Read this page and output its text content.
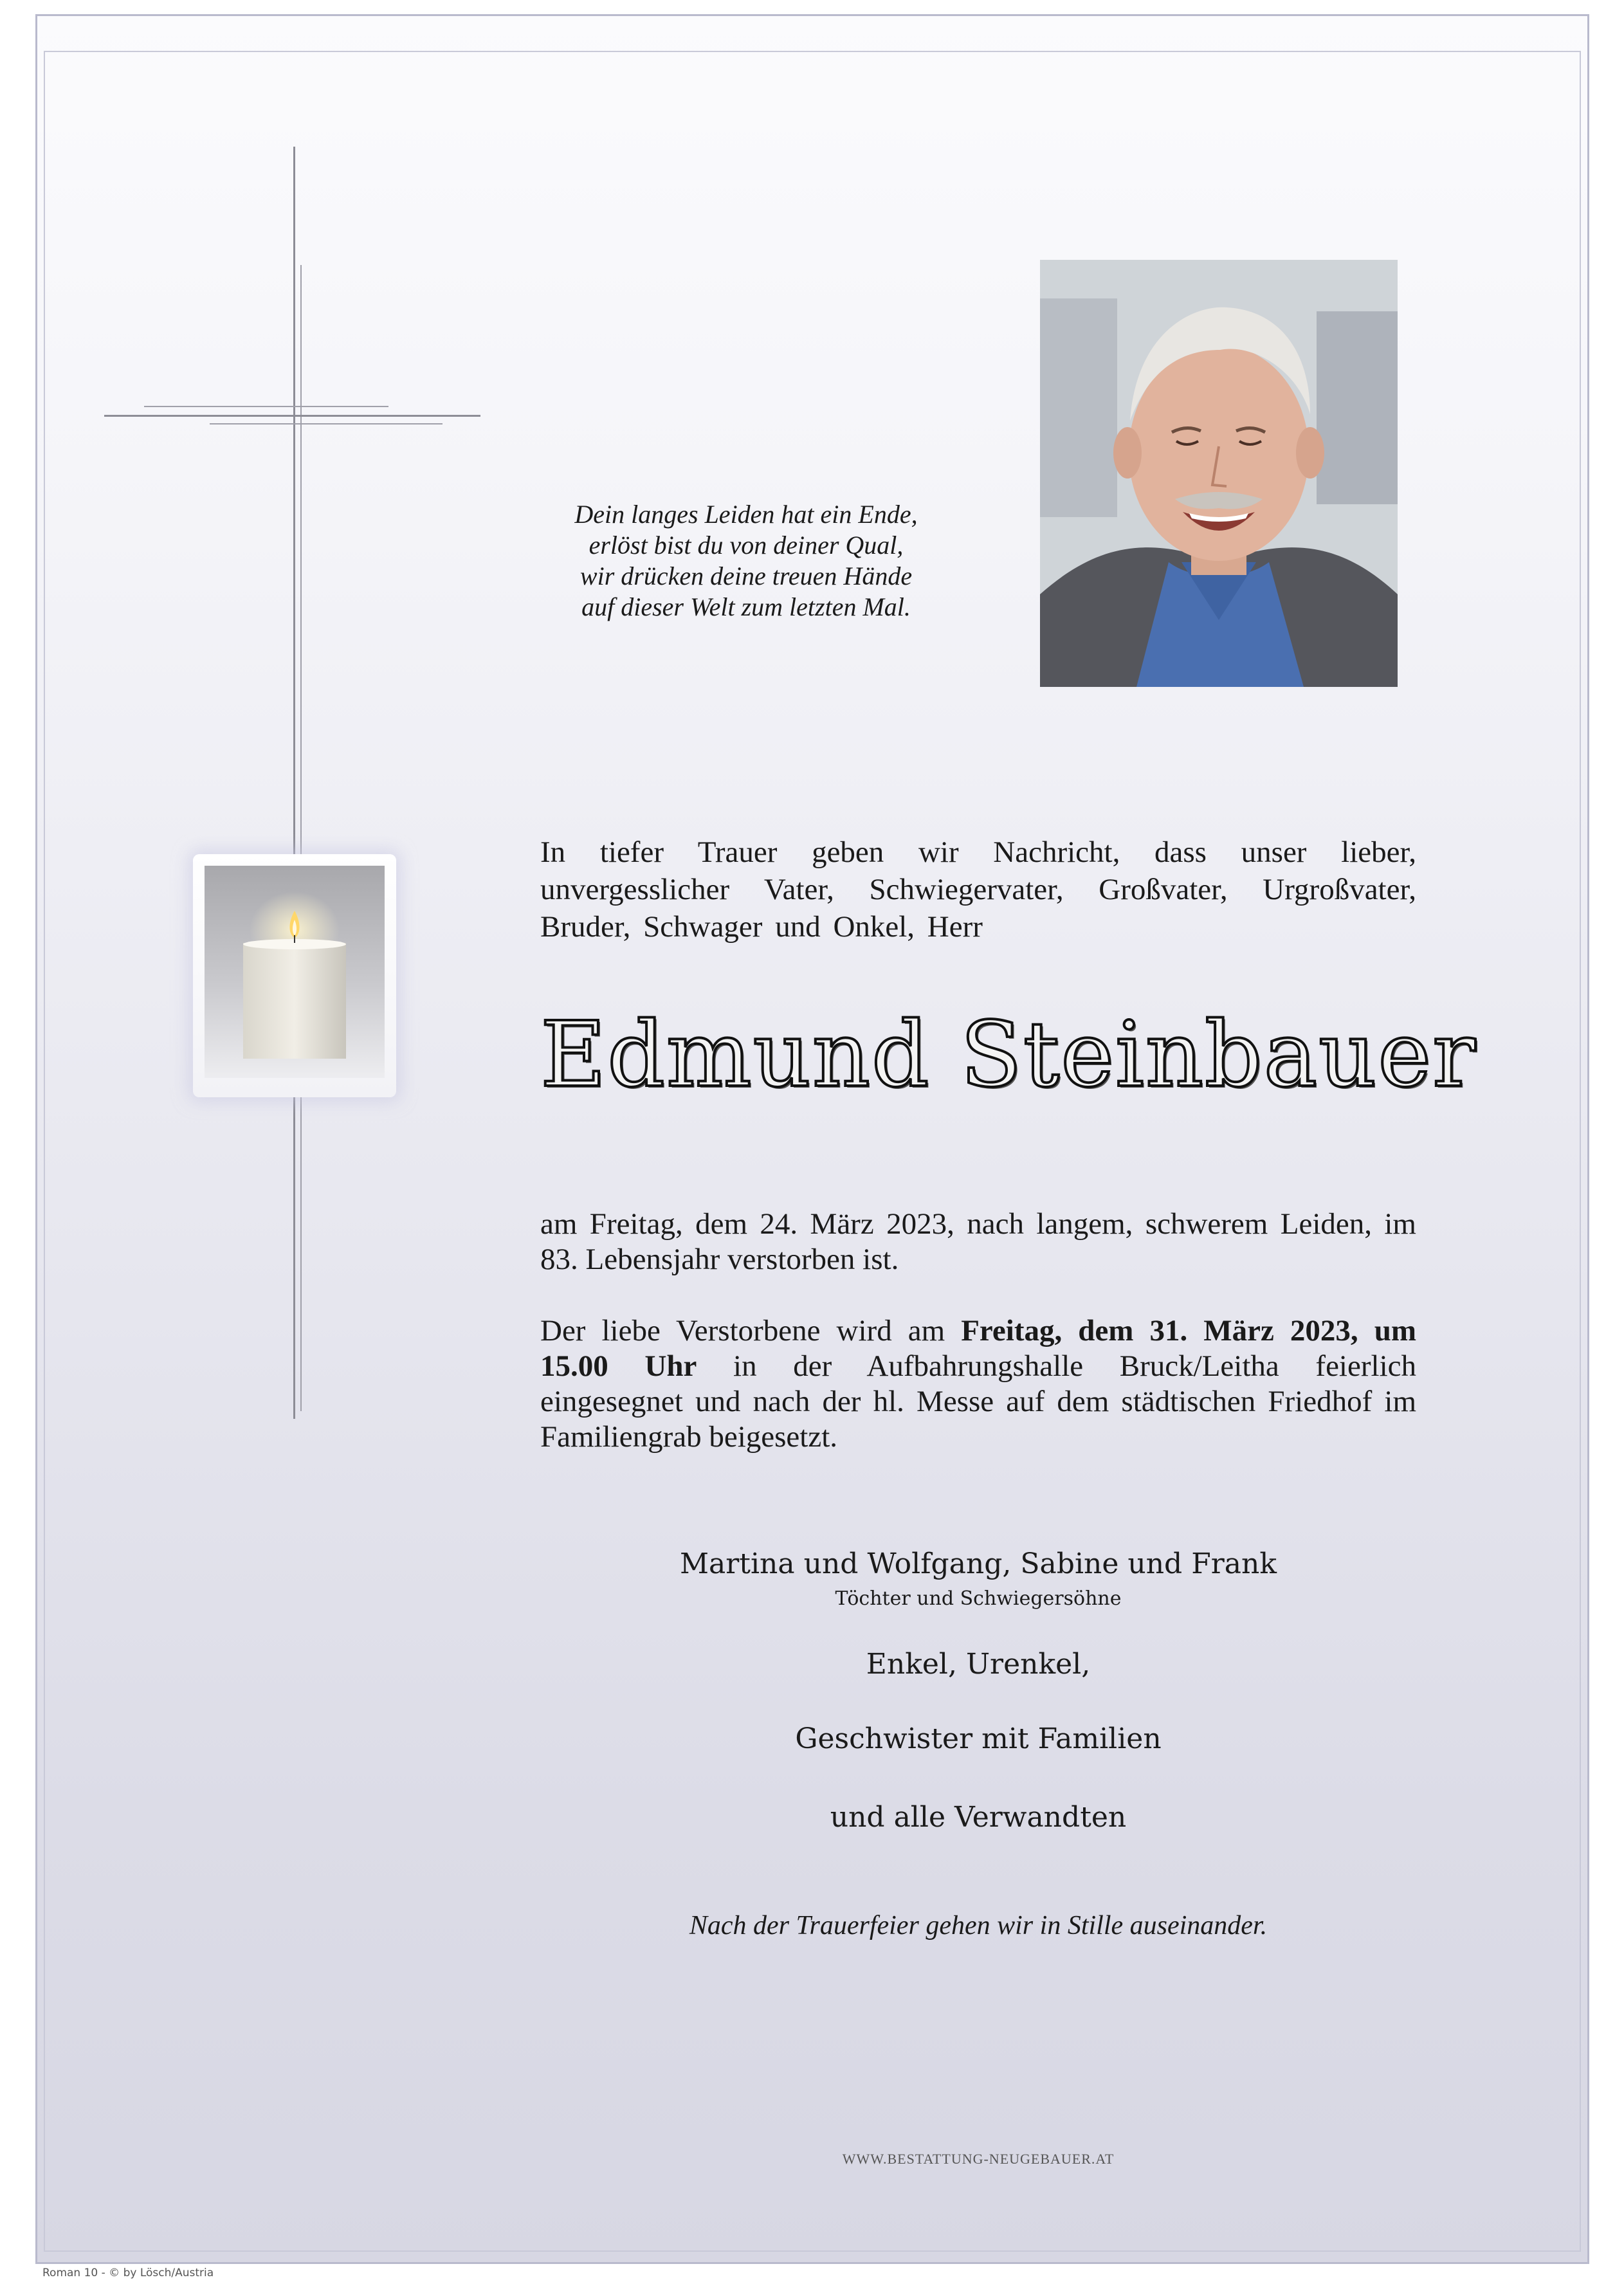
Dein langes Leiden hat ein Ende,
erlöst bist du von deiner Qual,
wir drücken deine treuen Hände
auf dieser Welt zum letzten Mal.
In tiefer Trauer geben wir Nachricht, dass unser lieber,
unvergesslicher Vater, Schwiegervater, Großvater, Urgroßvater,
Bruder, Schwager und Onkel, Herr
Edmund Steinbauer
am Freitag, dem 24. März 2023, nach langem, schwerem Leiden, im
83. Lebensjahr verstorben ist.
Der liebe Verstorbene wird am Freitag, dem 31. März 2023, um
15.00 Uhr in der Aufbahrungshalle Bruck/Leitha feierlich
eingesegnet und nach der hl. Messe auf dem städtischen Friedhof im
Familiengrab beigesetzt.
Martina und Wolfgang, Sabine und Frank
Töchter und Schwiegersöhne
Enkel, Urenkel,
Geschwister mit Familien
und alle Verwandten
Nach der Trauerfeier gehen wir in Stille auseinander.
WWW.BESTATTUNG-NEUGEBAUER.AT
Roman 10 - © by Lösch/Austria
